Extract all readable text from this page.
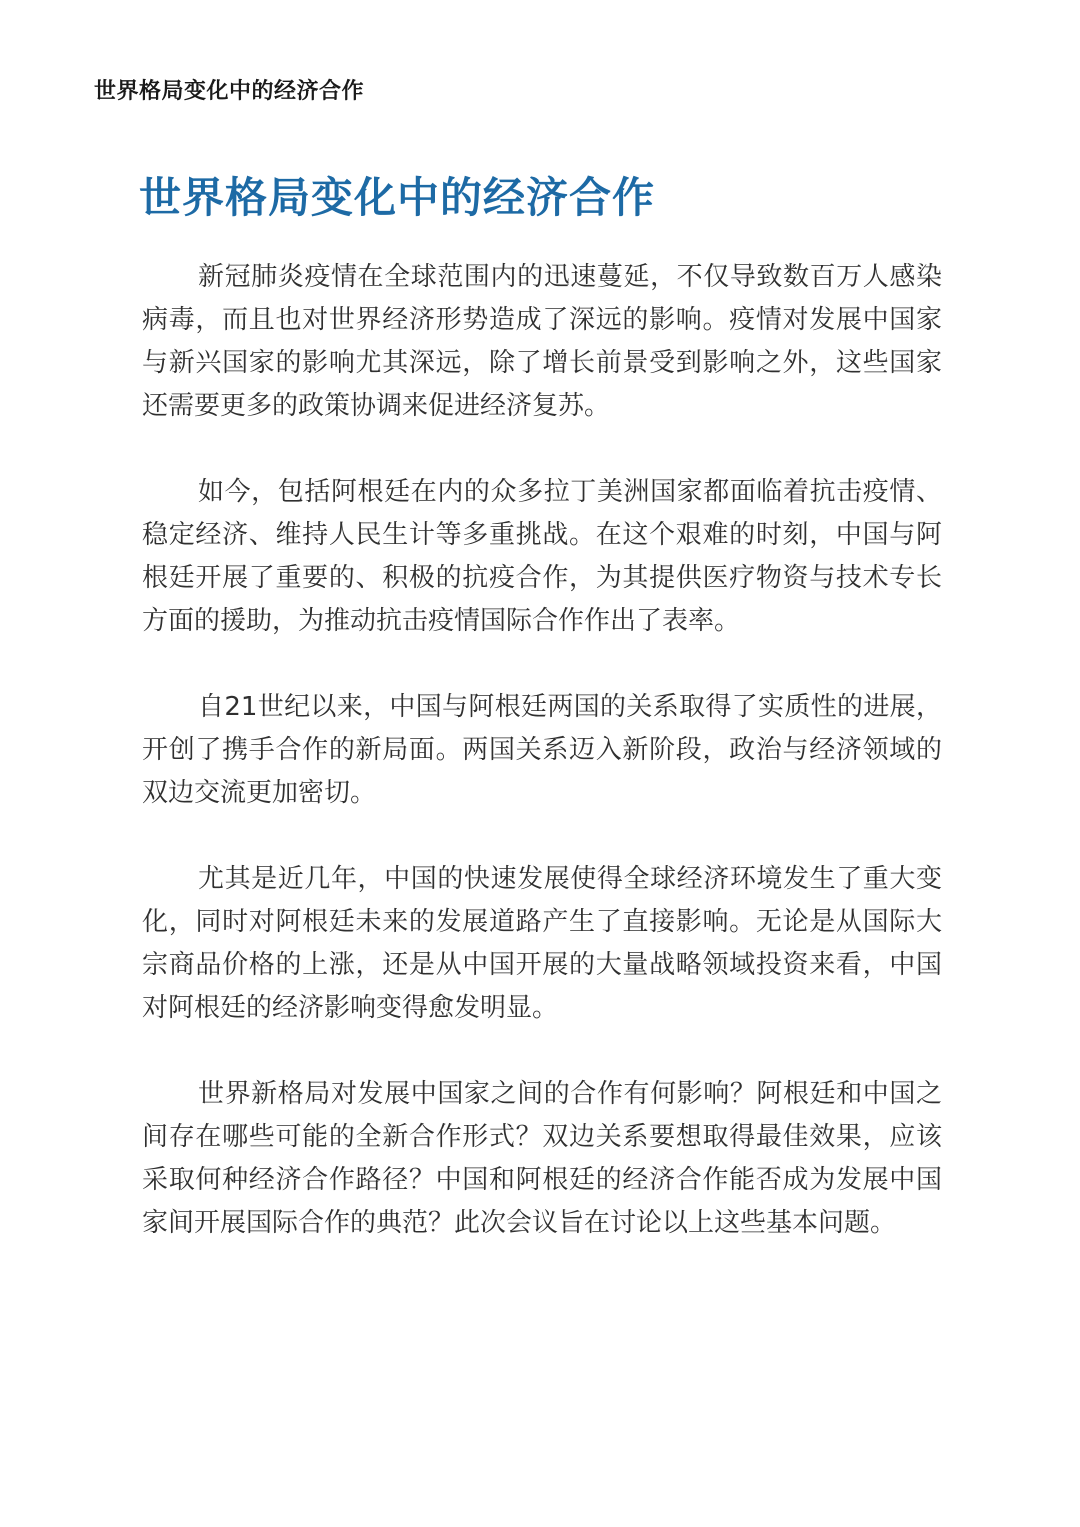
世界格局变化中的经济合作
世界格局变化中的经济合作

新冠肺炎疫情在全球范围内的迅速蔓延，不仅导致数百万人感染病毒，而且也对世界经济形势造成了深远的影响。疫情对发展中国家与新兴国家的影响尤其深远，除了增长前景受到影响之外，这些国家还需要更多的政策协调来促进经济复苏。

如今，包括阿根廷在内的众多拉丁美洲国家都面临着抗击疫情、稳定经济、维持人民生计等多重挑战。在这个艰难的时刻，中国与阿根廷开展了重要的、积极的抗疫合作，为其提供医疗物资与技术专长方面的援助，为推动抗击疫情国际合作作出了表率。

自21世纪以来，中国与阿根廷两国的关系取得了实质性的进展，开创了携手合作的新局面。两国关系迈入新阶段，政治与经济领域的双边交流更加密切。

尤其是近几年，中国的快速发展使得全球经济环境发生了重大变化，同时对阿根廷未来的发展道路产生了直接影响。无论是从国际大宗商品价格的上涨，还是从中国开展的大量战略领域投资来看，中国对阿根廷的经济影响变得愈发明显。

世界新格局对发展中国家之间的合作有何影响？阿根廷和中国之间存在哪些可能的全新合作形式？双边关系要想取得最佳效果，应该采取何种经济合作路径？中国和阿根廷的经济合作能否成为发展中国家间开展国际合作的典范？此次会议旨在讨论以上这些基本问题。
